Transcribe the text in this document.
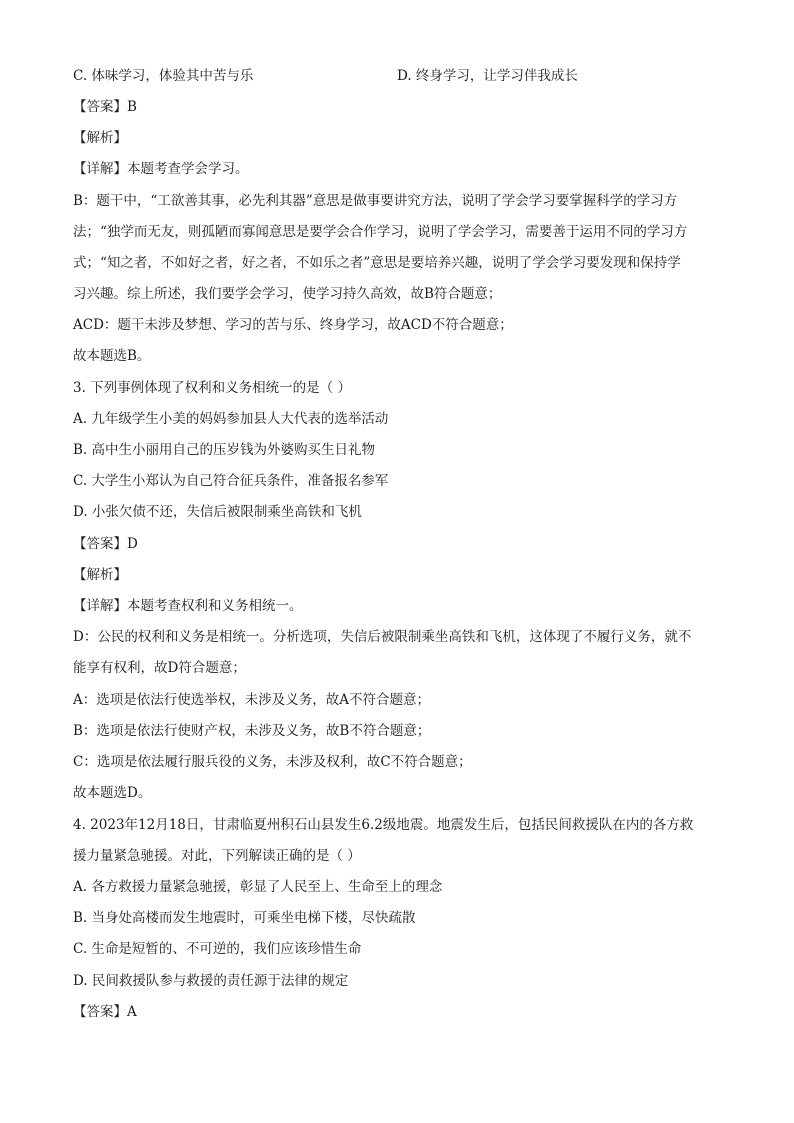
C. 体味学习，体验其中苦与乐	D. 终身学习，让学习伴我成长
【答案】B
【解析】
【详解】本题考查学会学习。
B：题干中，“工欲善其事，必先利其器”意思是做事要讲究方法，说明了学会学习要掌握科学的学习方
法；“独学而无友，则孤陋而寡闻意思是要学会合作学习，说明了学会学习，需要善于运用不同的学习方
式；“知之者，不如好之者，好之者，不如乐之者”意思是要培养兴趣，说明了学会学习要发现和保持学
习兴趣。综上所述，我们要学会学习，使学习持久高效，故B符合题意；
ACD：题干未涉及梦想、学习的苦与乐、终身学习，故ACD不符合题意；
故本题选B。
3. 下列事例体现了权利和义务相统一的是（ ）
A. 九年级学生小美的妈妈参加县人大代表的选举活动
B. 高中生小丽用自己的压岁钱为外婆购买生日礼物
C. 大学生小郑认为自己符合征兵条件，准备报名参军
D. 小张欠债不还，失信后被限制乘坐高铁和飞机
【答案】D
【解析】
【详解】本题考查权利和义务相统一。
D：公民的权利和义务是相统一。分析选项，失信后被限制乘坐高铁和飞机，这体现了不履行义务，就不
能享有权利，故D符合题意；
A：选项是依法行使选举权，未涉及义务，故A不符合题意；
B：选项是依法行使财产权，未涉及义务，故B不符合题意；
C：选项是依法履行服兵役的义务，未涉及权利，故C不符合题意；
故本题选D。
4. 2023年12月18日，甘肃临夏州积石山县发生6.2级地震。地震发生后，包括民间救援队在内的各方救
援力量紧急驰援。对此，下列解读正确的是（ ）
A. 各方救援力量紧急驰援，彰显了人民至上、生命至上的理念
B. 当身处高楼而发生地震时，可乘坐电梯下楼，尽快疏散
C. 生命是短暂的、不可逆的，我们应该珍惜生命
D. 民间救援队参与救援的责任源于法律的规定
【答案】A
